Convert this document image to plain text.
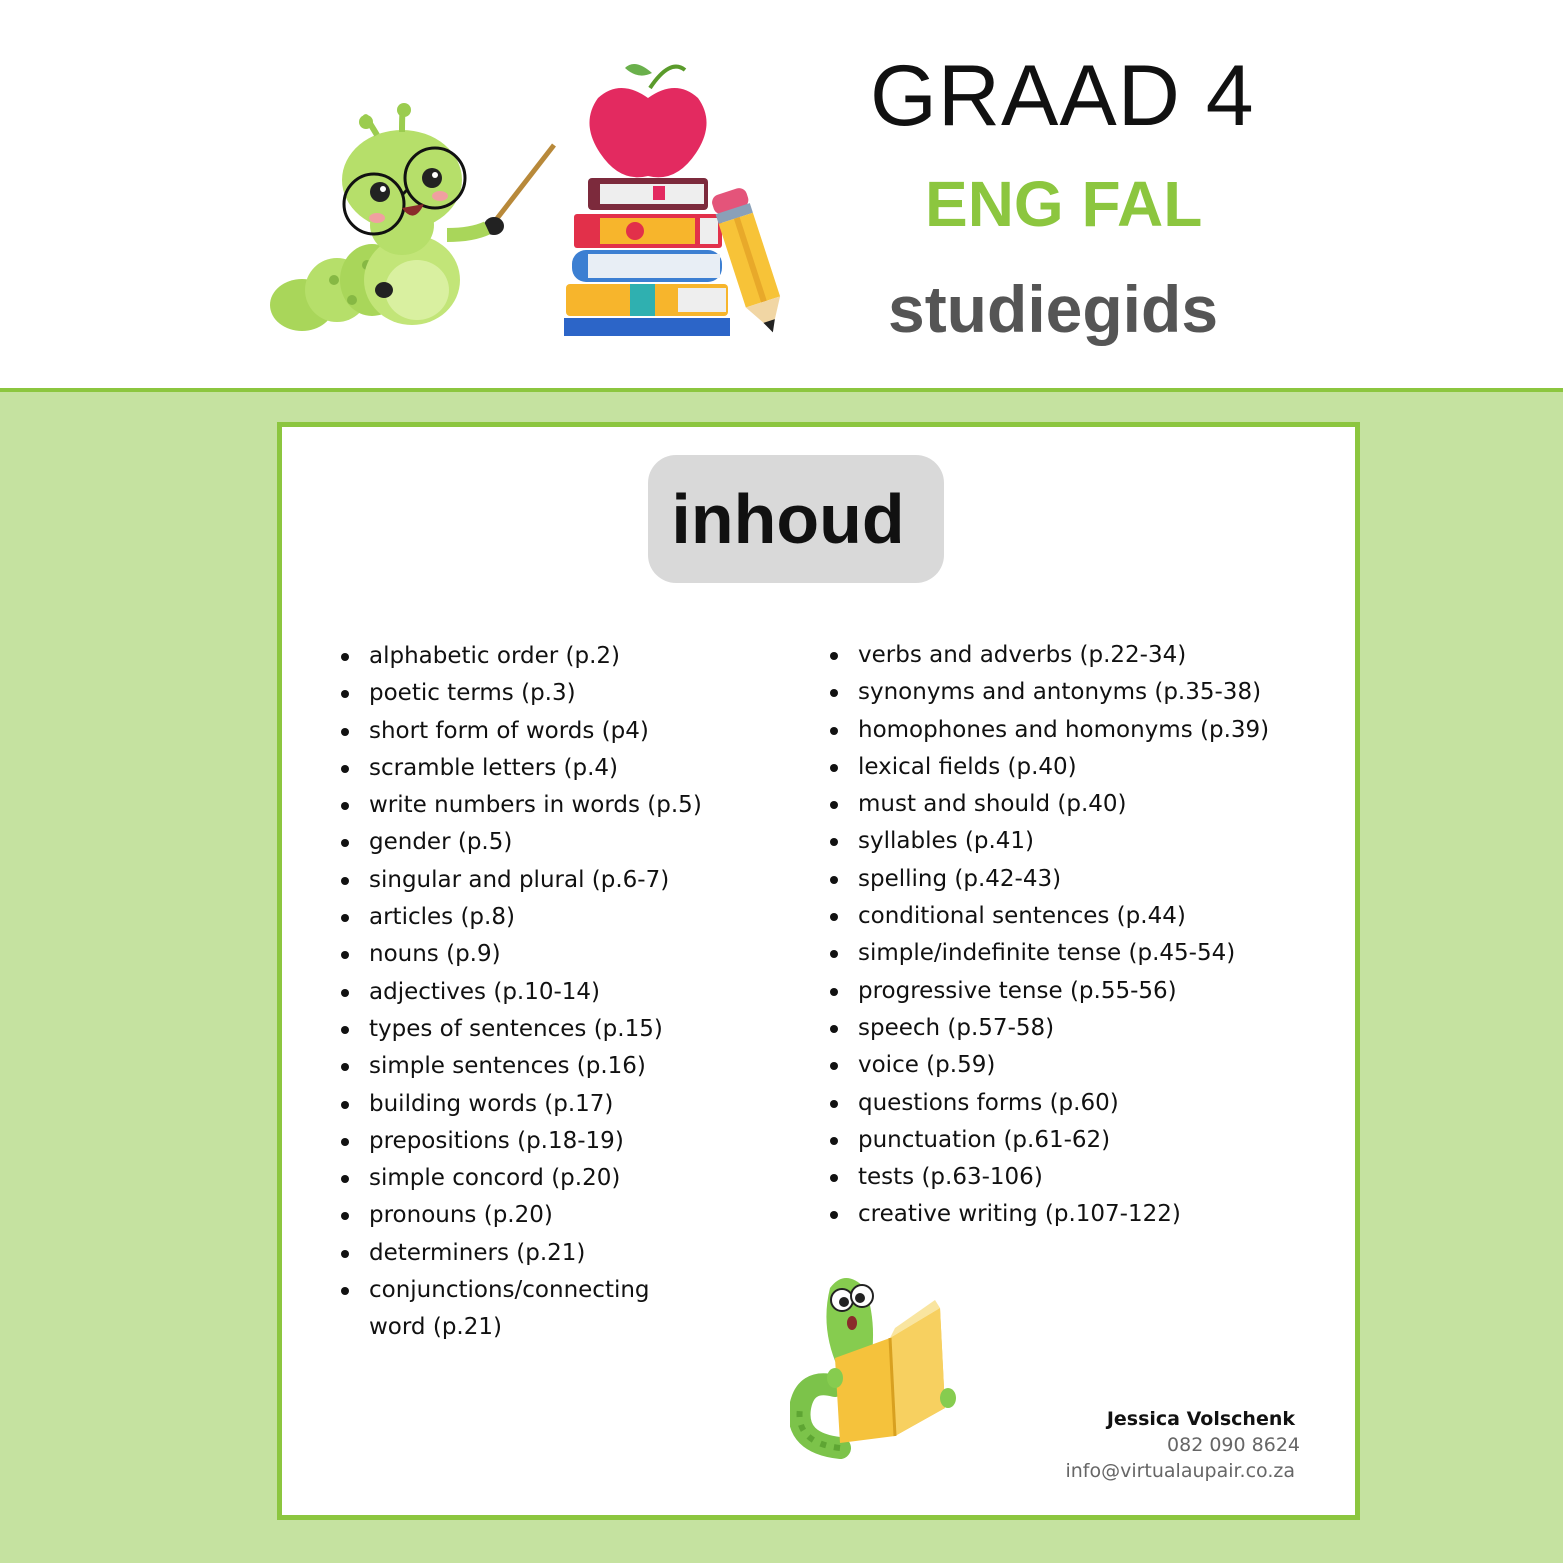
GRAAD 4
ENG FAL
studiegids
inhoud
alphabetic order (p.2)
poetic terms (p.3)
short form of words (p4)
scramble letters (p.4)
write numbers in words (p.5)
gender (p.5)
singular and plural (p.6-7)
articles (p.8)
nouns (p.9)
adjectives (p.10-14)
types of sentences (p.15)
simple sentences (p.16)
building words (p.17)
prepositions (p.18-19)
simple concord (p.20)
pronouns (p.20)
determiners (p.21)
conjunctions/connecting
word (p.21)
verbs and adverbs (p.22-34)
synonyms and antonyms (p.35-38)
homophones and homonyms (p.39)
lexical fields (p.40)
must and should (p.40)
syllables (p.41)
spelling (p.42-43)
conditional sentences (p.44)
simple/indefinite tense (p.45-54)
progressive tense (p.55-56)
speech (p.57-58)
voice (p.59)
questions forms (p.60)
punctuation (p.61-62)
tests (p.63-106)
creative writing (p.107-122)
Jessica Volschenk
082 090 8624
info@virtualaupair.co.za
